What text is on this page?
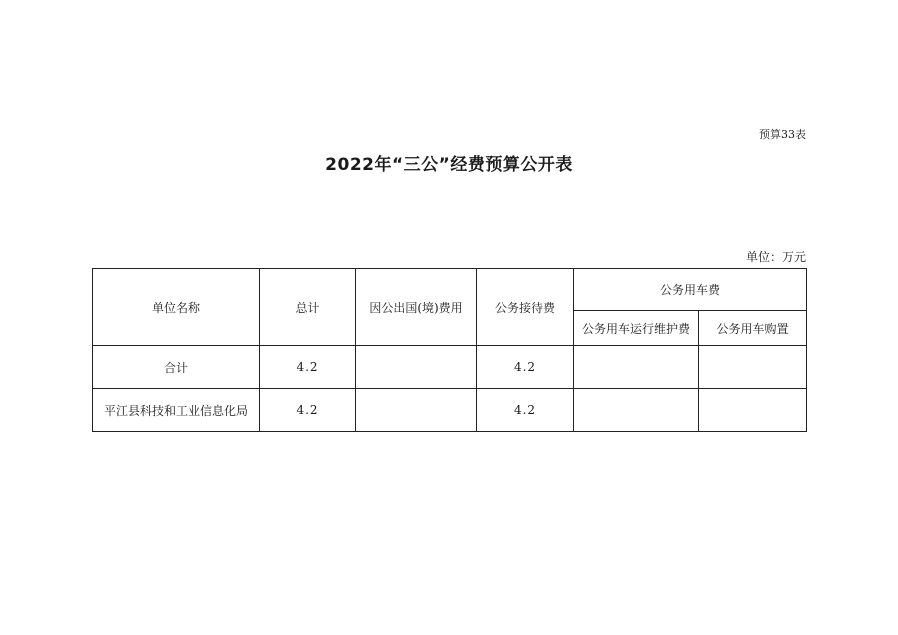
预算33表
2022年“三公”经费预算公开表
单位：万元
单位名称	总计	因公出国(境)费用	公务接待费	公务用车费	
				公务用车运行维护费	公务用车购置
合计	4.2		4.2		
平江县科技和工业信息化局	4.2		4.2		
